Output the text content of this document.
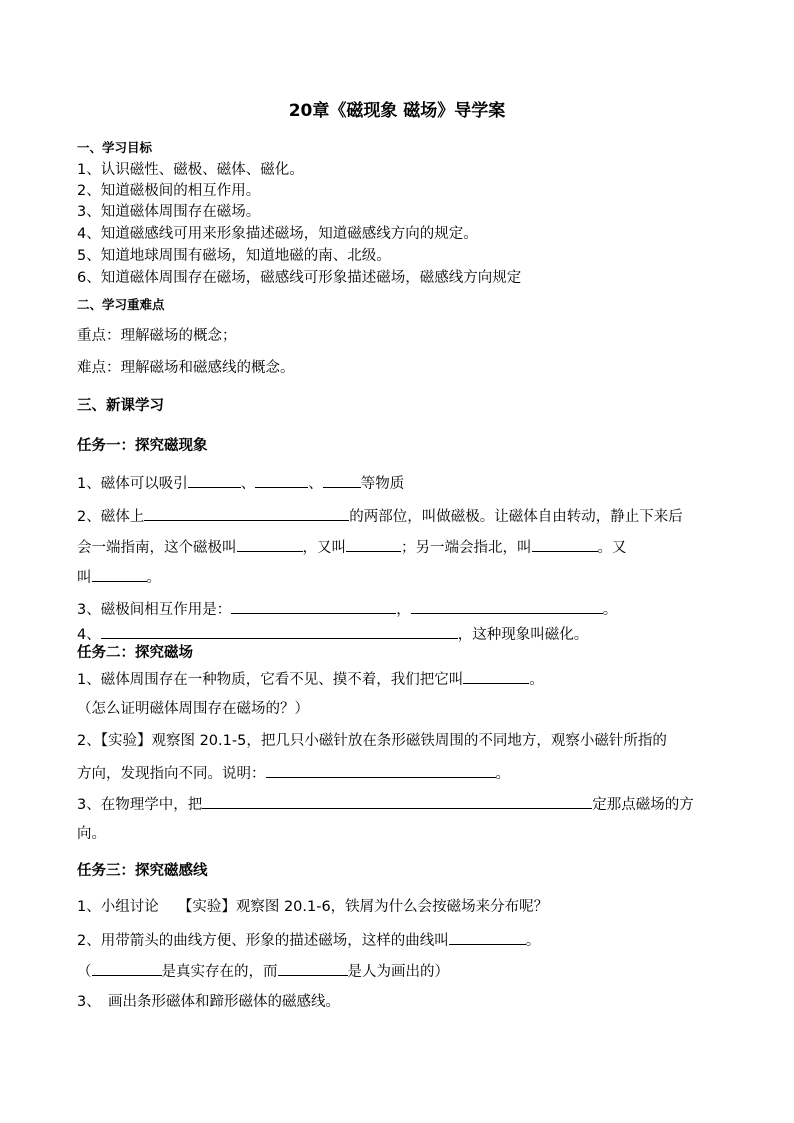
20章《磁现象 磁场》导学案
一、学习目标
1、认识磁性、磁极、磁体、磁化。
2、知道磁极间的相互作用。
3、知道磁体周围存在磁场。
4、知道磁感线可用来形象描述磁场，知道磁感线方向的规定。
5、知道地球周围有磁场，知道地磁的南、北级。
6、知道磁体周围存在磁场，磁感线可形象描述磁场，磁感线方向规定
二、学习重难点
重点：理解磁场的概念；
难点：理解磁场和磁感线的概念。
三、新课学习
任务一：探究磁现象
1、磁体可以吸引	、	、	等物质
2、磁体上	的两部位，叫做磁极。让磁体自由转动，静止下来后
会一端指南，这个磁极叫	，又叫	；另一端会指北，叫	。又
叫	。
3、磁极间相互作用是：	，	。
4、	，这种现象叫磁化。
任务二：探究磁场
1、磁体周围存在一种物质，它看不见、摸不着，我们把它叫	。
（怎么证明磁体周围存在磁场的？）
2、【实验】观察图 20.1-5，把几只小磁针放在条形磁铁周围的不同地方，观察小磁针所指的
方向，发现指向不同。说明：	。
3、在物理学中，把	定那点磁场的方
向。
任务三：探究磁感线
1、小组讨论　 【实验】观察图 20.1-6，铁屑为什么会按磁场来分布呢？
2、用带箭头的曲线方便、形象的描述磁场，这样的曲线叫	。
（	是真实存在的，而	是人为画出的）
3、　画出条形磁体和蹄形磁体的磁感线。
